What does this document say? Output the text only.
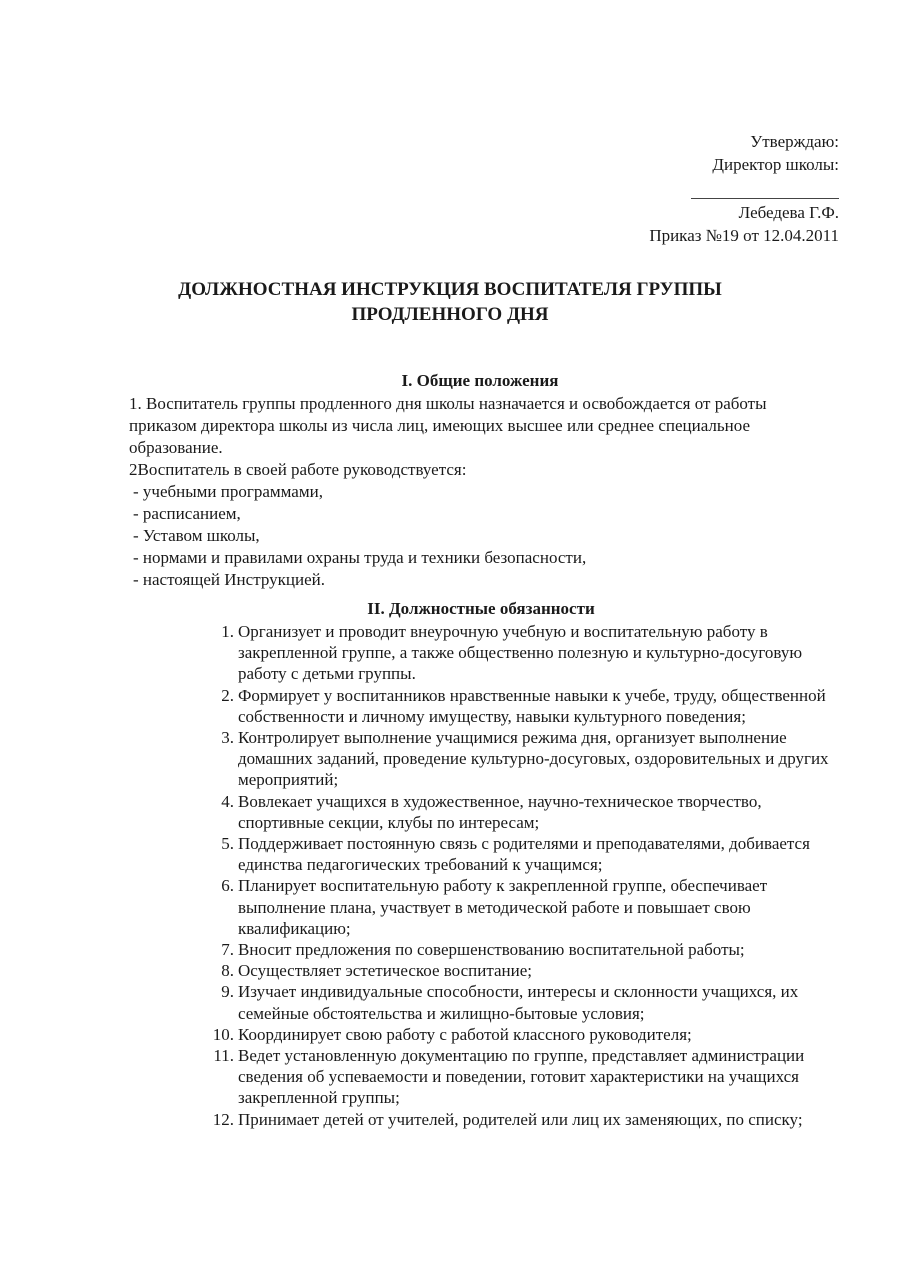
Утверждаю:
Директор школы:
Лебедева Г.Ф.
Приказ №19 от 12.04.2011
ДОЛЖНОСТНАЯ ИНСТРУКЦИЯ ВОСПИТАТЕЛЯ ГРУППЫ
ПРОДЛЕННОГО ДНЯ
I. Общие положения

1. Воспитатель группы продленного дня школы назначается и освобождается от работы приказом директора школы из числа лиц, имеющих высшее или среднее специальное образование.

2Воспитатель в своей работе руководствуется:

- учебными программами,

- расписанием,

- Уставом школы,

- нормами и правилами охраны труда и техники безопасности,

- настоящей Инструкцией.

II. Должностные обязанности
1. Организует и проводит внеурочную учебную и воспитательную работу в закрепленной группе, а также общественно полезную и культурно-досуговую работу с детьми группы.
2. Формирует у воспитанников нравственные навыки к учебе, труду, общественной собственности и личному имуществу, навыки культурного поведения;
3. Контролирует выполнение учащимися режима дня, организует выполнение домашних заданий, проведение культурно-досуговых, оздоровительных и других мероприятий;
4. Вовлекает учащихся в художественное, научно-техническое творчество, спортивные секции, клубы по интересам;
5. Поддерживает постоянную связь с родителями и преподавателями, добивается единства педагогических требований к учащимся;
6. Планирует воспитательную работу к закрепленной группе, обеспечивает выполнение плана, участвует в методической работе и повышает свою квалификацию;
7. Вносит предложения по совершенствованию воспитательной работы;
8. Осуществляет эстетическое воспитание;
9. Изучает индивидуальные способности, интересы и склонности учащихся, их семейные обстоятельства и жилищно-бытовые условия;
10. Координирует свою работу с работой классного руководителя;
11. Ведет установленную документацию по группе, представляет администрации сведения об успеваемости и поведении, готовит характеристики на учащихся закрепленной группы;
12. Принимает детей от учителей, родителей или лиц их заменяющих, по списку;
